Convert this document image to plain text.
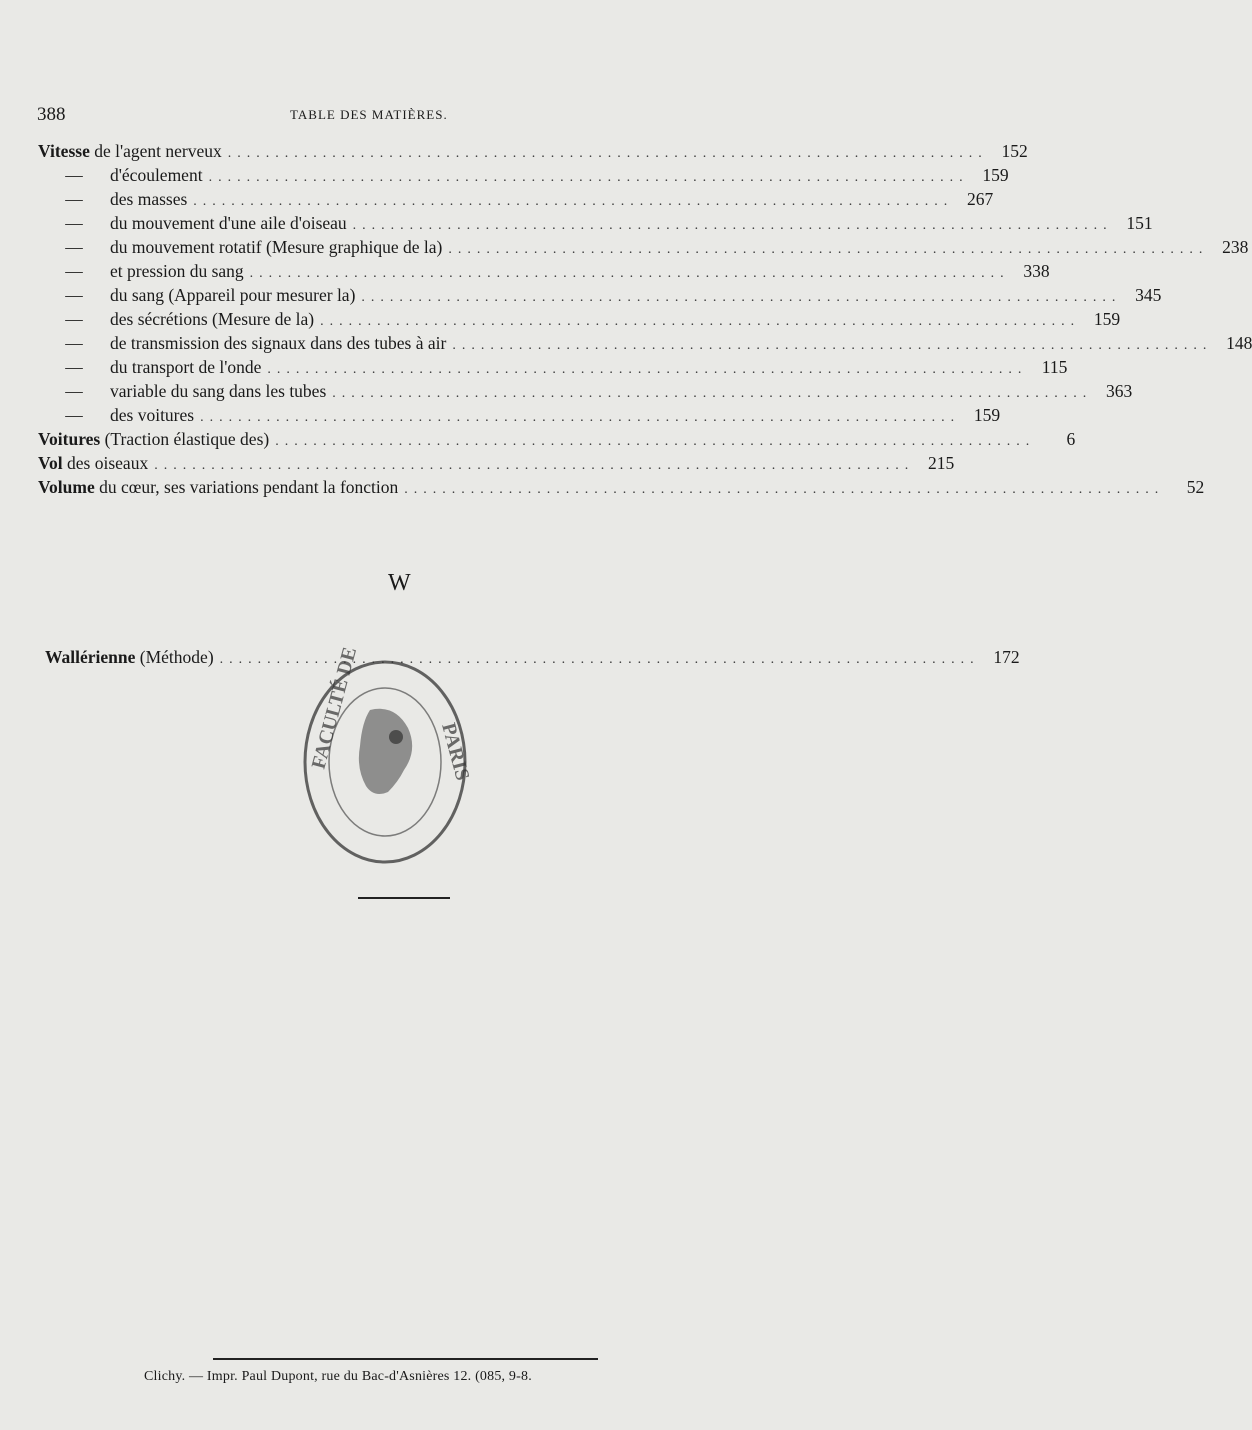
388	TABLE DES MATIÈRES.
Vitesse de l'agent nerveux ................................................................................ 152
—	d'écoulement ................................................................................ 159
—	des masses ................................................................................ 267
—	du mouvement d'une aile d'oiseau ................................................................................ 151
—	du mouvement rotatif (Mesure graphique de la) ................................................................................ 238
—	et pression du sang ................................................................................ 338
—	du sang (Appareil pour mesurer la) ................................................................................ 345
—	des sécrétions (Mesure de la) ................................................................................ 159
—	de transmission des signaux dans des tubes à air ................................................................................ 148
—	du transport de l'onde ................................................................................ 115
—	variable du sang dans les tubes ................................................................................ 363
—	des voitures ................................................................................ 159
Voitures (Traction élastique des) ................................................................................	6
Vol des oiseaux ................................................................................ 215
Volume du cœur, ses variations pendant la fonction ................................................................................	52
W
Wallérienne (Méthode) ................................................................................ 172
FACULTÉ DE	PARIS
Clichy. — Impr. Paul Dupont, rue du Bac-d'Asnières 12. (085, 9-8.
